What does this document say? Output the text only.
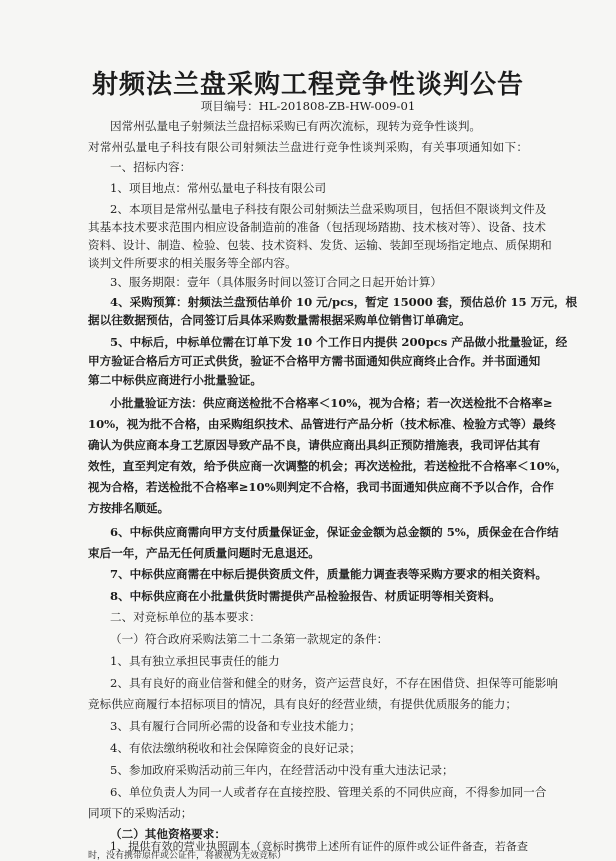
射频法兰盘采购工程竞争性谈判公告
项目编号：HL-201808-ZB-HW-009-01
因常州弘量电子射频法兰盘招标采购已有两次流标，现转为竞争性谈判。
对常州弘量电子科技有限公司射频法兰盘进行竞争性谈判采购，有关事项通知如下：
一、招标内容：
1、项目地点：常州弘量电子科技有限公司
2、本项目是常州弘量电子科技有限公司射频法兰盘采购项目，包括但不限谈判文件及
其基本技术要求范围内相应设备制造前的准备（包括现场踏勘、技术核对等）、设备、技术
资料、设计、制造、检验、包装、技术资料、发货、运输、装卸至现场指定地点、质保期和
谈判文件所要求的相关服务等全部内容。
3、服务期限：壹年（具体服务时间以签订合同之日起开始计算）
4、采购预算：射频法兰盘预估单价 10 元/pcs，暂定 15000 套，预估总价 15 万元，根
据以往数据预估，合同签订后具体采购数量需根据采购单位销售订单确定。
5、中标后，中标单位需在订单下发 10 个工作日内提供 200pcs 产品做小批量验证，经
甲方验证合格后方可正式供货，验证不合格甲方需书面通知供应商终止合作。并书面通知
第二中标供应商进行小批量验证。
小批量验证方法：供应商送检批不合格率＜10%，视为合格；若一次送检批不合格率≥
10%，视为批不合格，由采购组织技术、品管进行产品分析（技术标准、检验方式等）最终
确认为供应商本身工艺原因导致产品不良，请供应商出具纠正预防措施表，我司评估其有
效性，直至判定有效，给予供应商一次调整的机会；再次送检批，若送检批不合格率＜10%，
视为合格，若送检批不合格率≥10%则判定不合格，我司书面通知供应商不予以合作，合作
方按排名顺延。
6、中标供应商需向甲方支付质量保证金，保证金金额为总金额的 5%，质保金在合作结
束后一年，产品无任何质量问题时无息退还。
7、中标供应商需在中标后提供资质文件，质量能力调查表等采购方要求的相关资料。
8、中标供应商在小批量供货时需提供产品检验报告、材质证明等相关资料。
二、对竞标单位的基本要求：
（一）符合政府采购法第二十二条第一款规定的条件：
1、具有独立承担民事责任的能力
2、具有良好的商业信誉和健全的财务，资产运营良好，不存在困借贷、担保等可能影响
竞标供应商履行本招标项目的情况，具有良好的经营业绩，有提供优质服务的能力；
3、具有履行合同所必需的设备和专业技术能力；
4、有依法缴纳税收和社会保障资金的良好记录；
5、参加政府采购活动前三年内，在经营活动中没有重大违法记录；
6、单位负责人为同一人或者存在直接控股、管理关系的不同供应商，不得参加同一合
同项下的采购活动；
（二）其他资格要求：
1、提供有效的营业执照副本（竞标时携带上述所有证件的原件或公证件备查，若备查
时，没有携带原件或公证件，将被视为无效竞标）
